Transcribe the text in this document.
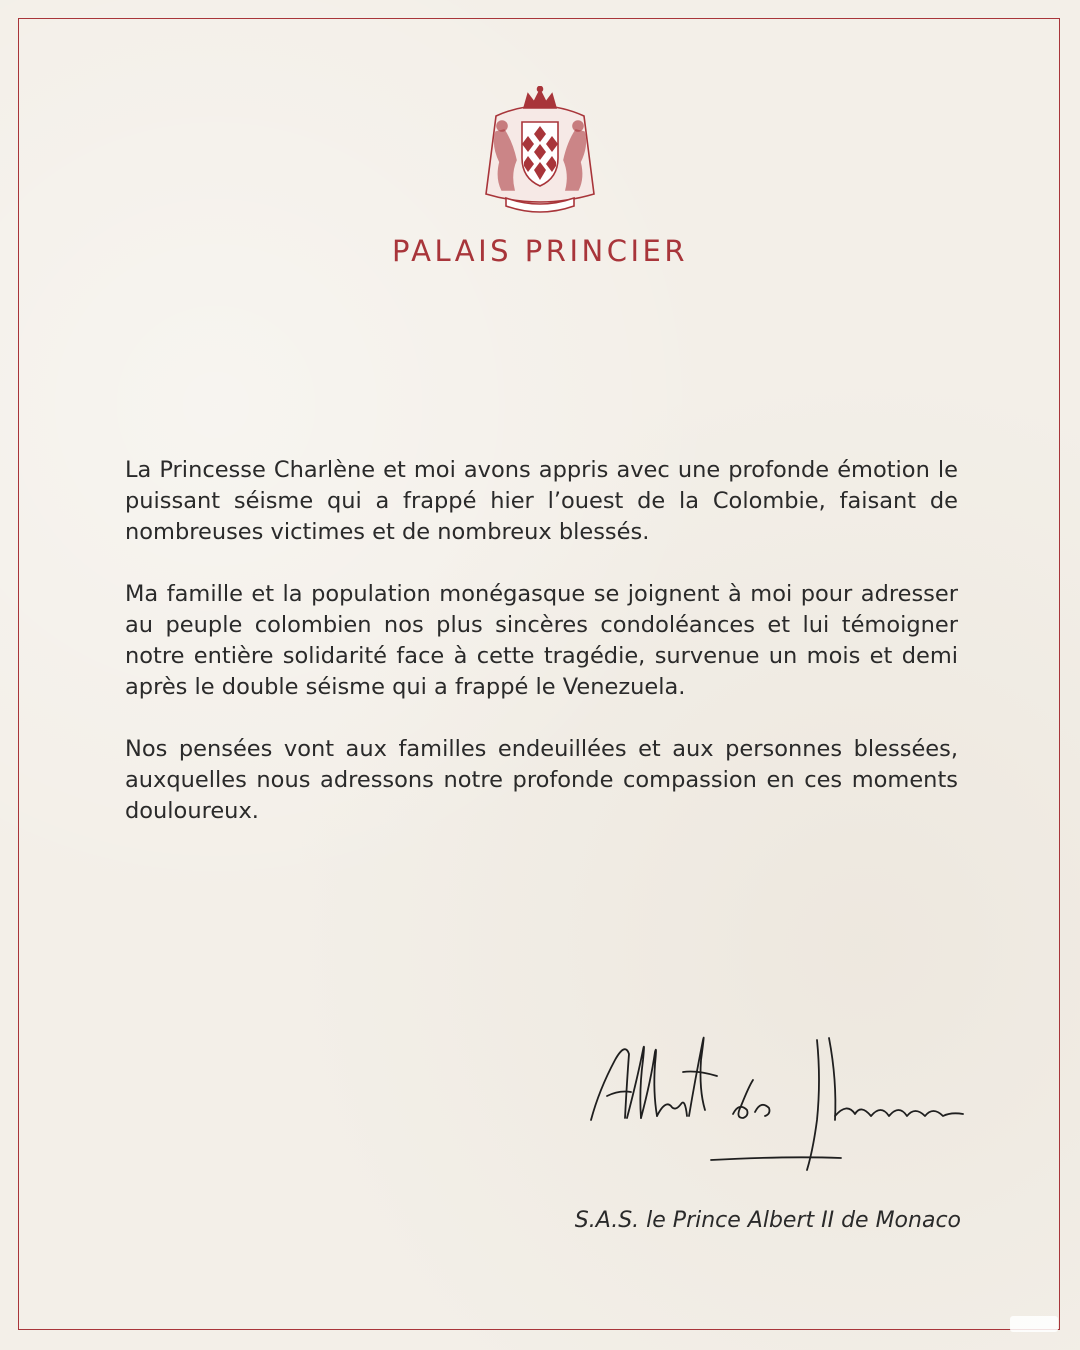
PALAIS PRINCIER

La Princesse Charlène et moi avons appris avec une profonde émotion le puissant séisme qui a frappé hier l’ouest de la Colombie, faisant de nombreuses victimes et de nombreux blessés.

Ma famille et la population monégasque se joignent à moi pour adresser au peuple colombien nos plus sincères condoléances et lui témoigner notre entière solidarité face à cette tragédie, survenue un mois et demi après le double séisme qui a frappé le Venezuela.

Nos pensées vont aux familles endeuillées et aux personnes blessées, auxquelles nous adressons notre profonde compassion en ces moments douloureux.

S.A.S. le Prince Albert II de Monaco
